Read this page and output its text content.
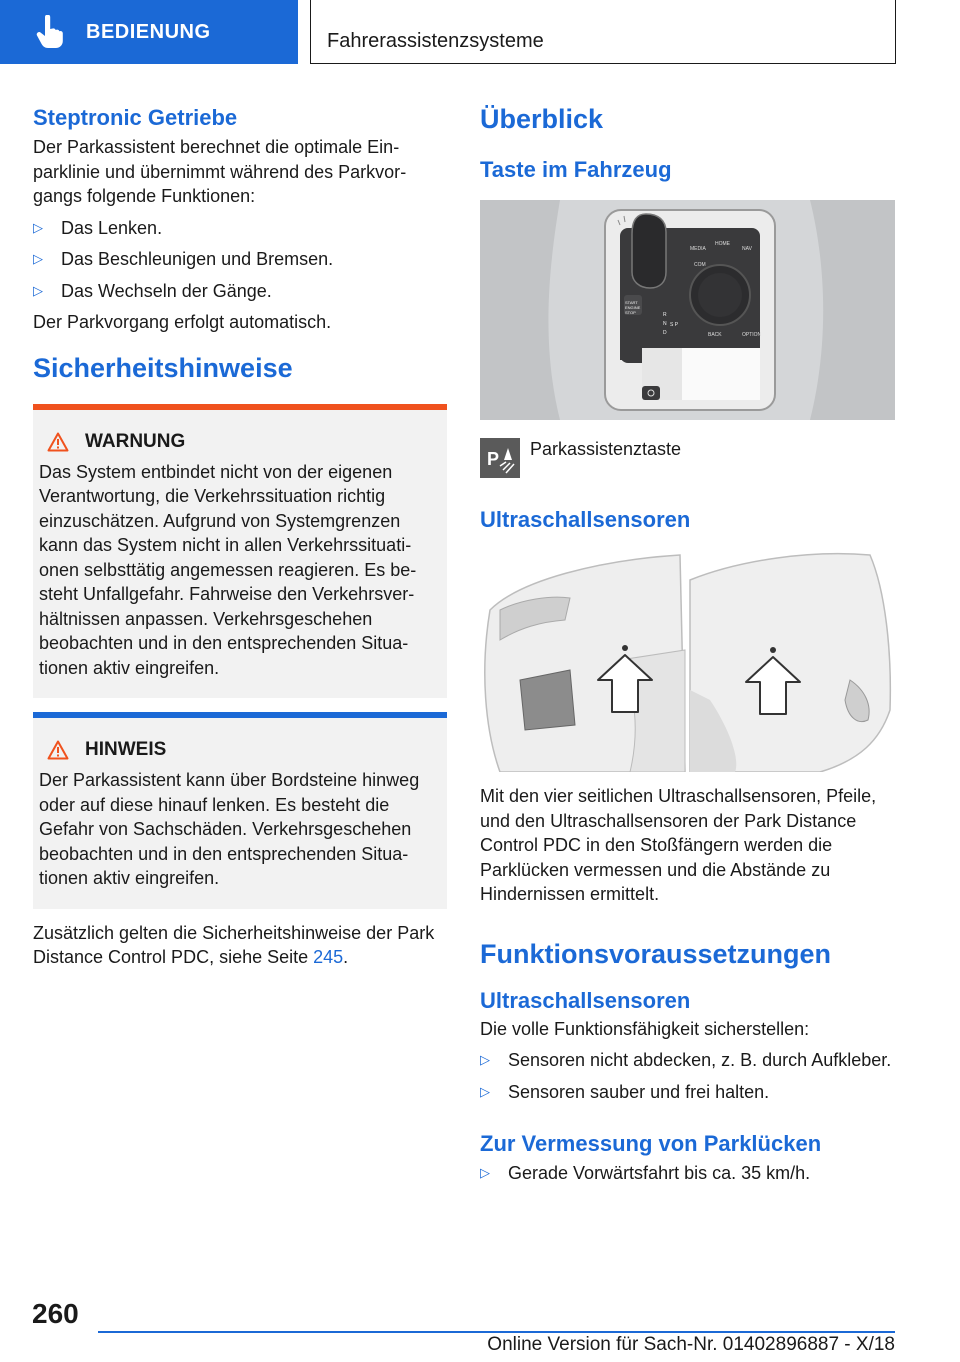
BEDIENUNG	Fahrerassistenzsysteme
Steptronic Getriebe
Der Parkassistent berechnet die optimale Einparklinie und übernimmt während des Parkvorgangs folgende Funktionen:
▷	Das Lenken.
▷	Das Beschleunigen und Bremsen.
▷	Das Wechseln der Gänge.
Der Parkvorgang erfolgt automatisch.
Sicherheitshinweise
WARNUNG
Das System entbindet nicht von der eigenen Verantwortung, die Verkehrssituation richtig einzuschätzen. Aufgrund von Systemgrenzen kann das System nicht in allen Verkehrssituationen selbsttätig angemessen reagieren. Es besteht Unfallgefahr. Fahrweise den Verkehrsverhältnissen anpassen. Verkehrsgeschehen beobachten und in den entsprechenden Situationen aktiv eingreifen.
HINWEIS
Der Parkassistent kann über Bordsteine hinweg oder auf diese hinauf lenken. Es besteht die Gefahr von Sachschäden. Verkehrsgeschehen beobachten und in den entsprechenden Situationen aktiv eingreifen.
Zusätzlich gelten die Sicherheitshinweise der Park Distance Control PDC, siehe Seite 245.
Überblick
Taste im Fahrzeug
MEDIA
HOME
NAV
COM
BACK	OPTION
START
ENGINE
STOP	R
N
D
S P
P Parkassistenztaste
Ultraschallsensoren
Mit den vier seitlichen Ultraschallsensoren, Pfeile, und den Ultraschallsensoren der Park Distance Control PDC in den Stoßfängern werden die Parklücken vermessen und die Abstände zu Hindernissen ermittelt.
Funktionsvoraussetzungen
Ultraschallsensoren
Die volle Funktionsfähigkeit sicherstellen:
▷	Sensoren nicht abdecken, z. B. durch Aufkleber.
▷	Sensoren sauber und frei halten.
Zur Vermessung von Parklücken
▷	Gerade Vorwärtsfahrt bis ca. 35 km/h.
260
Online Version für Sach-Nr. 01402896887 - X/18
